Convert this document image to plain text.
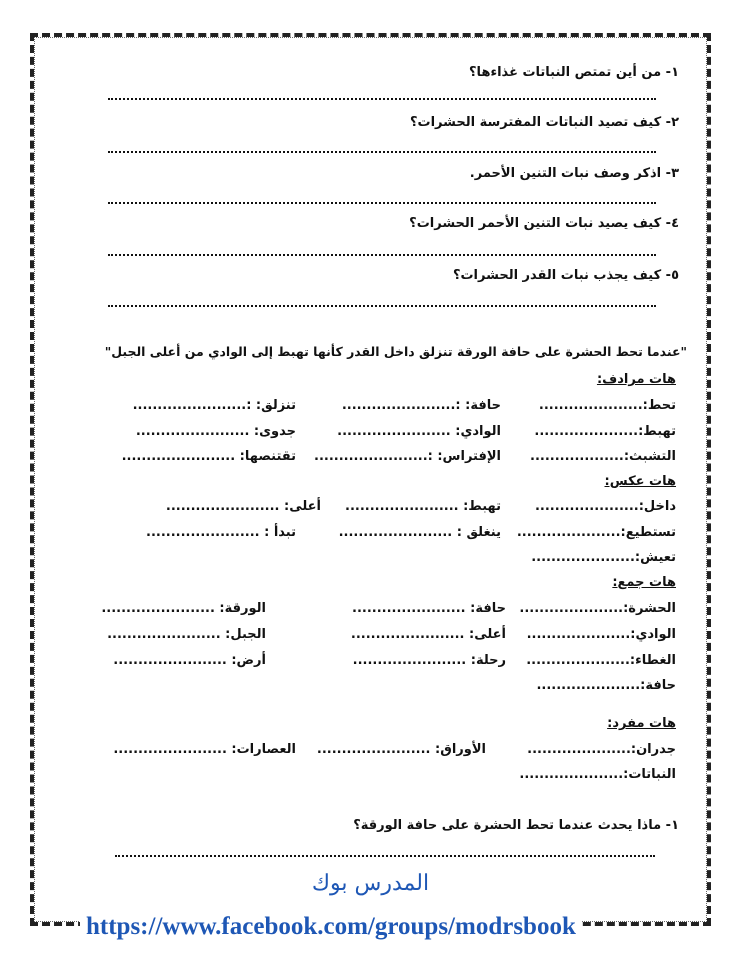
١- من أين تمتص النباتات غذاءها؟
٢- كيف تصيد النباتات المفترسة الحشرات؟
٣- اذكر وصف نبات التنين الأحمر.
٤- كيف يصيد نبات التنين الأحمر الحشرات؟
٥- كيف يجذب نبات القدر الحشرات؟
"عندما تحط الحشرة على حافة الورقة تنزلق داخل القدر كأنها تهبط إلى الوادي من أعلى الجبل"
هات مرادف:
تحط:.....................
حافة: :.......................
تنزلق: :.......................
تهبط:.....................
الوادي: .......................
جدوى: .......................
التشبث:...................
الإفتراس: :.......................
تقتنصها: .......................
هات عكس:
داخل:.....................
تهبط: .......................
أعلى: .......................
تستطيع:.....................
ينغلق : .......................
تبدأ : .......................
تعيش:.....................
هات جمع:
الحشرة:.....................
حافة: .......................
الورقة: .......................
الوادي:.....................
أعلى: .......................
الجبل: .......................
الغطاء:.....................
رحلة: .......................
أرض: .......................
حافة:.....................
هات مفرد:
جدران:.....................
الأوراق: .......................
العصارات: .......................
النباتات:.....................
١- ماذا يحدث عندما تحط الحشرة على حافة الورقة؟
المدرس بوك
https://www.facebook.com/groups/modrsbook
